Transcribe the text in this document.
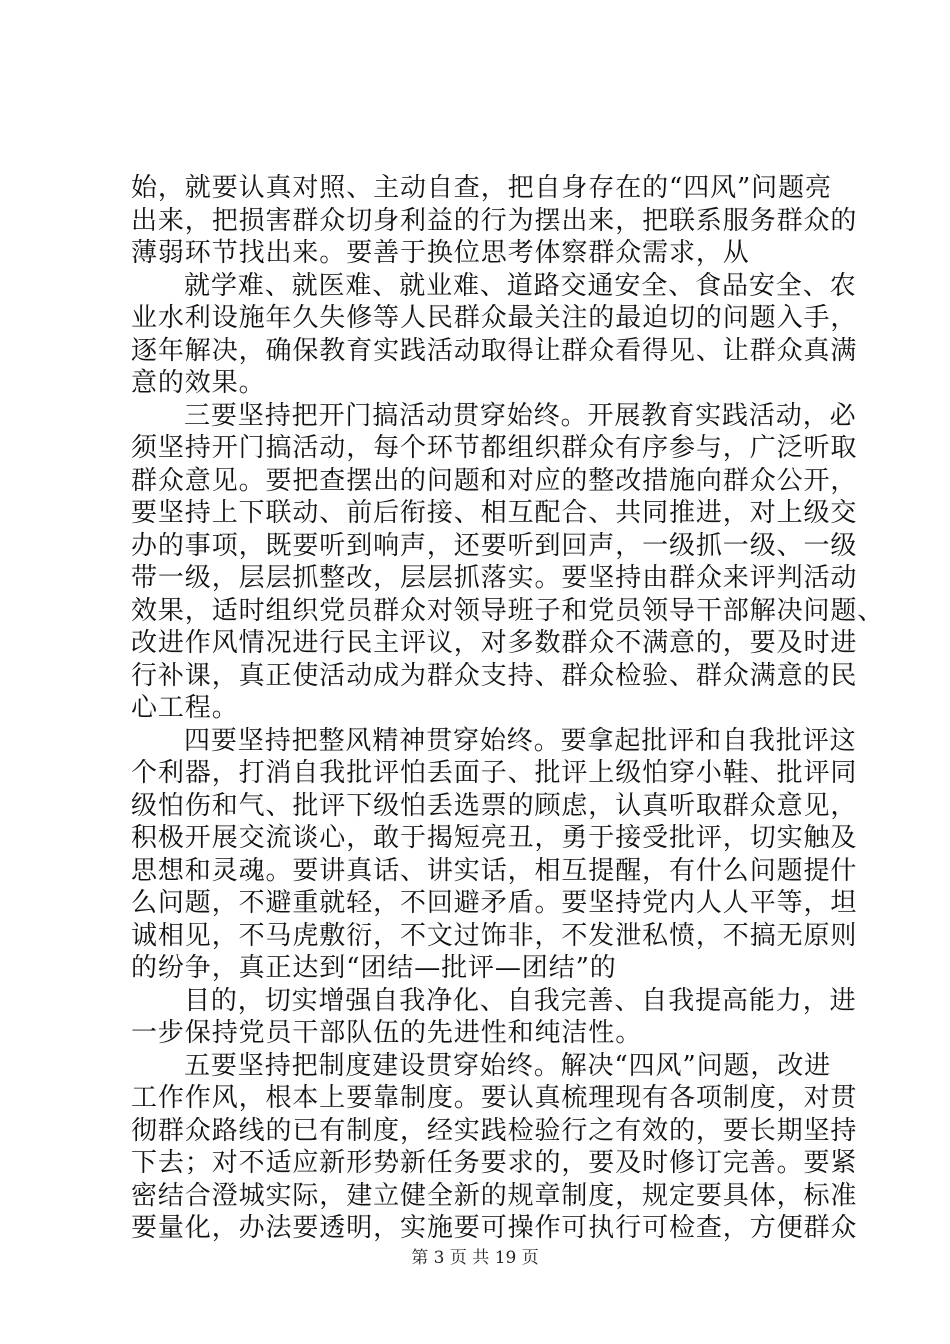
始，就要认真对照、主动自查，把自身存在的“四风”问题亮
出来，把损害群众切身利益的行为摆出来，把联系服务群众的
薄弱环节找出来。要善于换位思考体察群众需求，从
就学难、就医难、就业难、道路交通安全、食品安全、农
业水利设施年久失修等人民群众最关注的最迫切的问题入手，
逐年解决，确保教育实践活动取得让群众看得见、让群众真满
意的效果。
三要坚持把开门搞活动贯穿始终。开展教育实践活动，必
须坚持开门搞活动，每个环节都组织群众有序参与，广泛听取
群众意见。要把查摆出的问题和对应的整改措施向群众公开，
要坚持上下联动、前后衔接、相互配合、共同推进，对上级交
办的事项，既要听到响声，还要听到回声，一级抓一级、一级
带一级，层层抓整改，层层抓落实。要坚持由群众来评判活动
效果，适时组织党员群众对领导班子和党员领导干部解决问题、
改进作风情况进行民主评议，对多数群众不满意的，要及时进
行补课，真正使活动成为群众支持、群众检验、群众满意的民
心工程。
四要坚持把整风精神贯穿始终。要拿起批评和自我批评这
个利器，打消自我批评怕丢面子、批评上级怕穿小鞋、批评同
级怕伤和气、批评下级怕丢选票的顾虑，认真听取群众意见，
积极开展交流谈心，敢于揭短亮丑，勇于接受批评，切实触及
思想和灵魂。要讲真话、讲实话，相互提醒，有什么问题提什
么问题，不避重就轻，不回避矛盾。要坚持党内人人平等，坦
诚相见，不马虎敷衍，不文过饰非，不发泄私愤，不搞无原则
的纷争，真正达到“团结—批评—团结”的
目的，切实增强自我净化、自我完善、自我提高能力，进
一步保持党员干部队伍的先进性和纯洁性。
五要坚持把制度建设贯穿始终。解决“四风”问题，改进
工作作风，根本上要靠制度。要认真梳理现有各项制度，对贯
彻群众路线的已有制度，经实践检验行之有效的，要长期坚持
下去；对不适应新形势新任务要求的，要及时修订完善。要紧
密结合澄城实际，建立健全新的规章制度，规定要具体，标准
要量化，办法要透明，实施要可操作可执行可检查，方便群众
第 3 页 共 19 页
